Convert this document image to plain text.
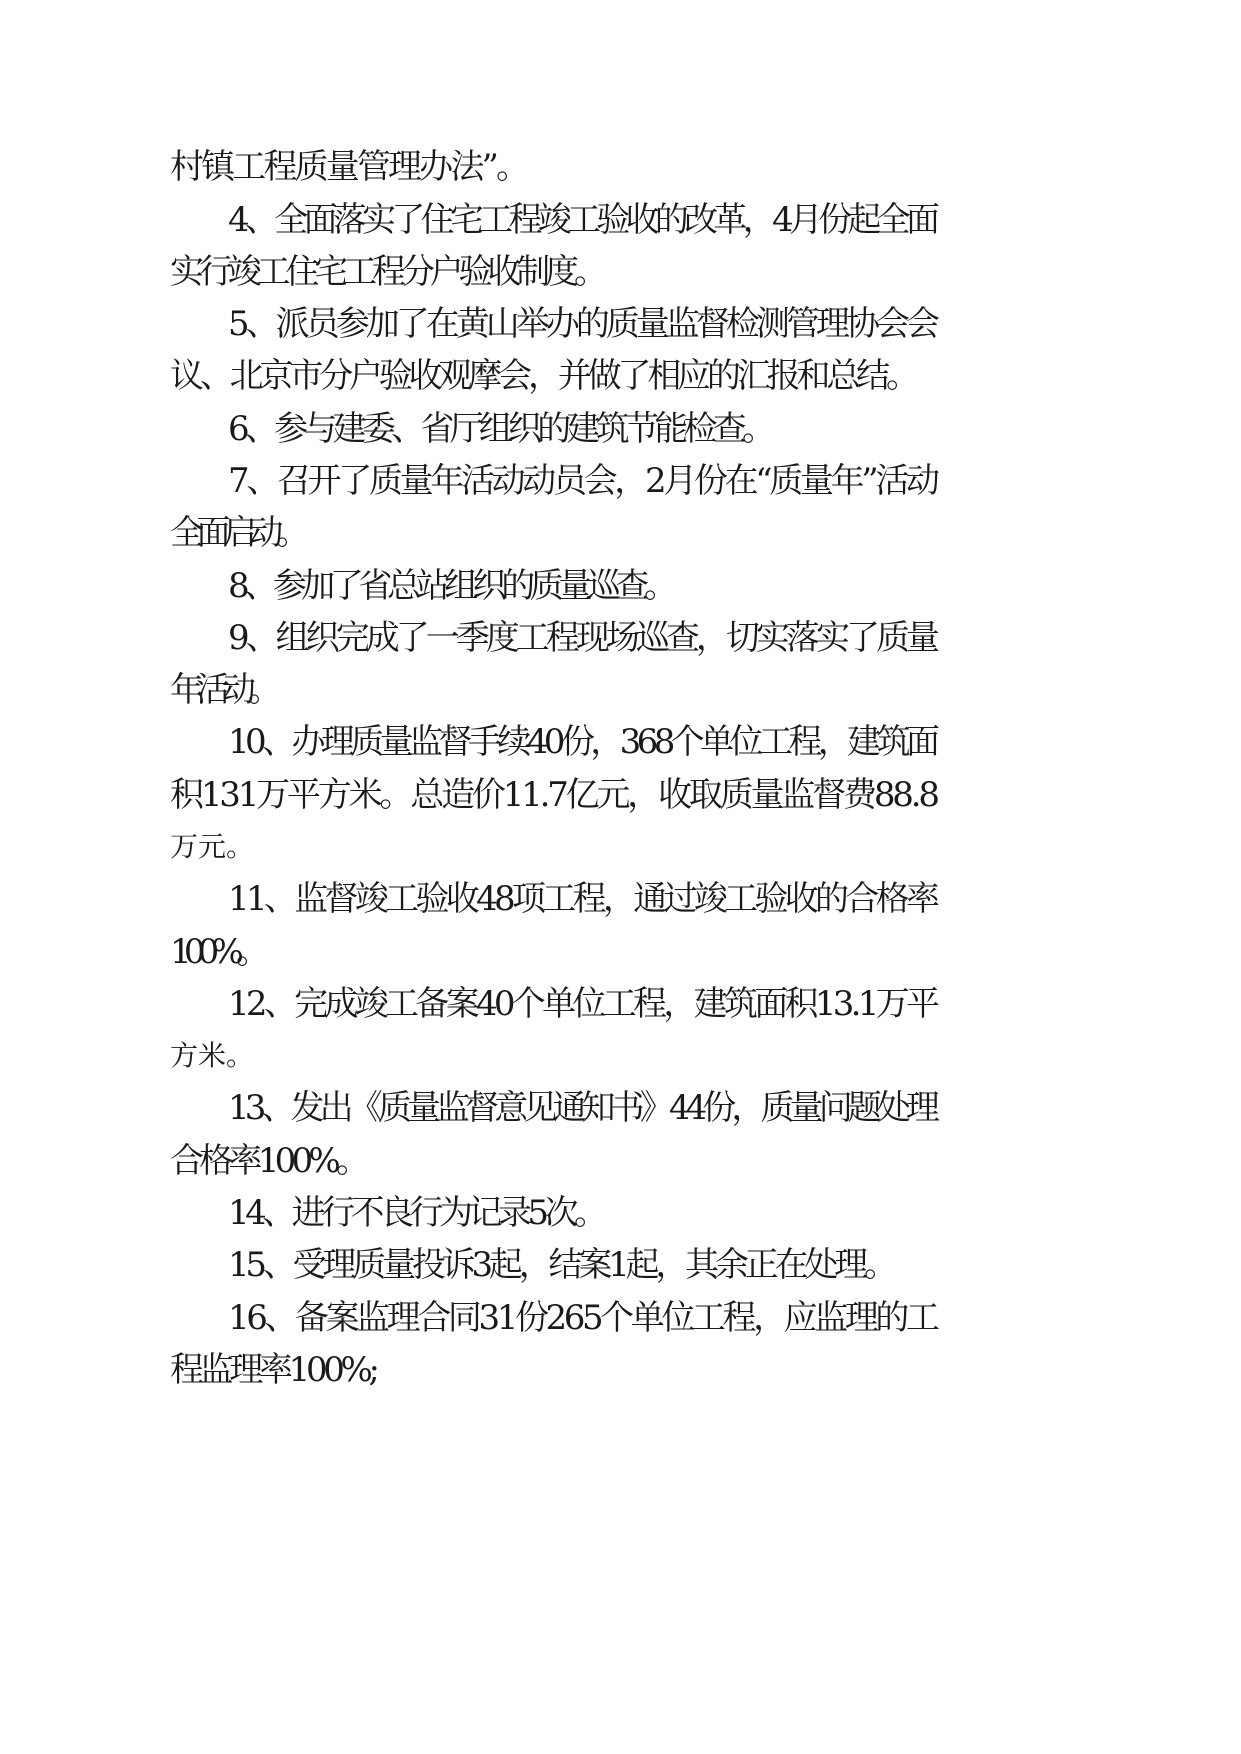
村镇工程质量管理办法”。
4、全面落实了住宅工程竣工验收的改革，4月份起全面
实行竣工住宅工程分户验收制度。
5、派员参加了在黄山举办的质量监督检测管理协会会
议、北京市分户验收观摩会，并做了相应的汇报和总结。
6、参与建委、省厅组织的建筑节能检查。
7、召开了质量年活动动员会，2月份在“质量年”活动
全面启动。
8、参加了省总站组织的质量巡查。
9、组织完成了一季度工程现场巡查，切实落实了质量
年活动。
10、办理质量监督手续40份，368个单位工程，建筑面
积131万平方米。总造价11.7亿元，收取质量监督费88.8
万元。
11、监督竣工验收48项工程，通过竣工验收的合格率
100%。
12、完成竣工备案40个单位工程，建筑面积13.1万平
方米。
13、发出《质量监督意见通知书》44份，质量问题处理
合格率100%。
14、进行不良行为记录5次。
15、受理质量投诉3起，结案1起，其余正在处理。
16、备案监理合同31份265个单位工程，应监理的工
程监理率100%;
